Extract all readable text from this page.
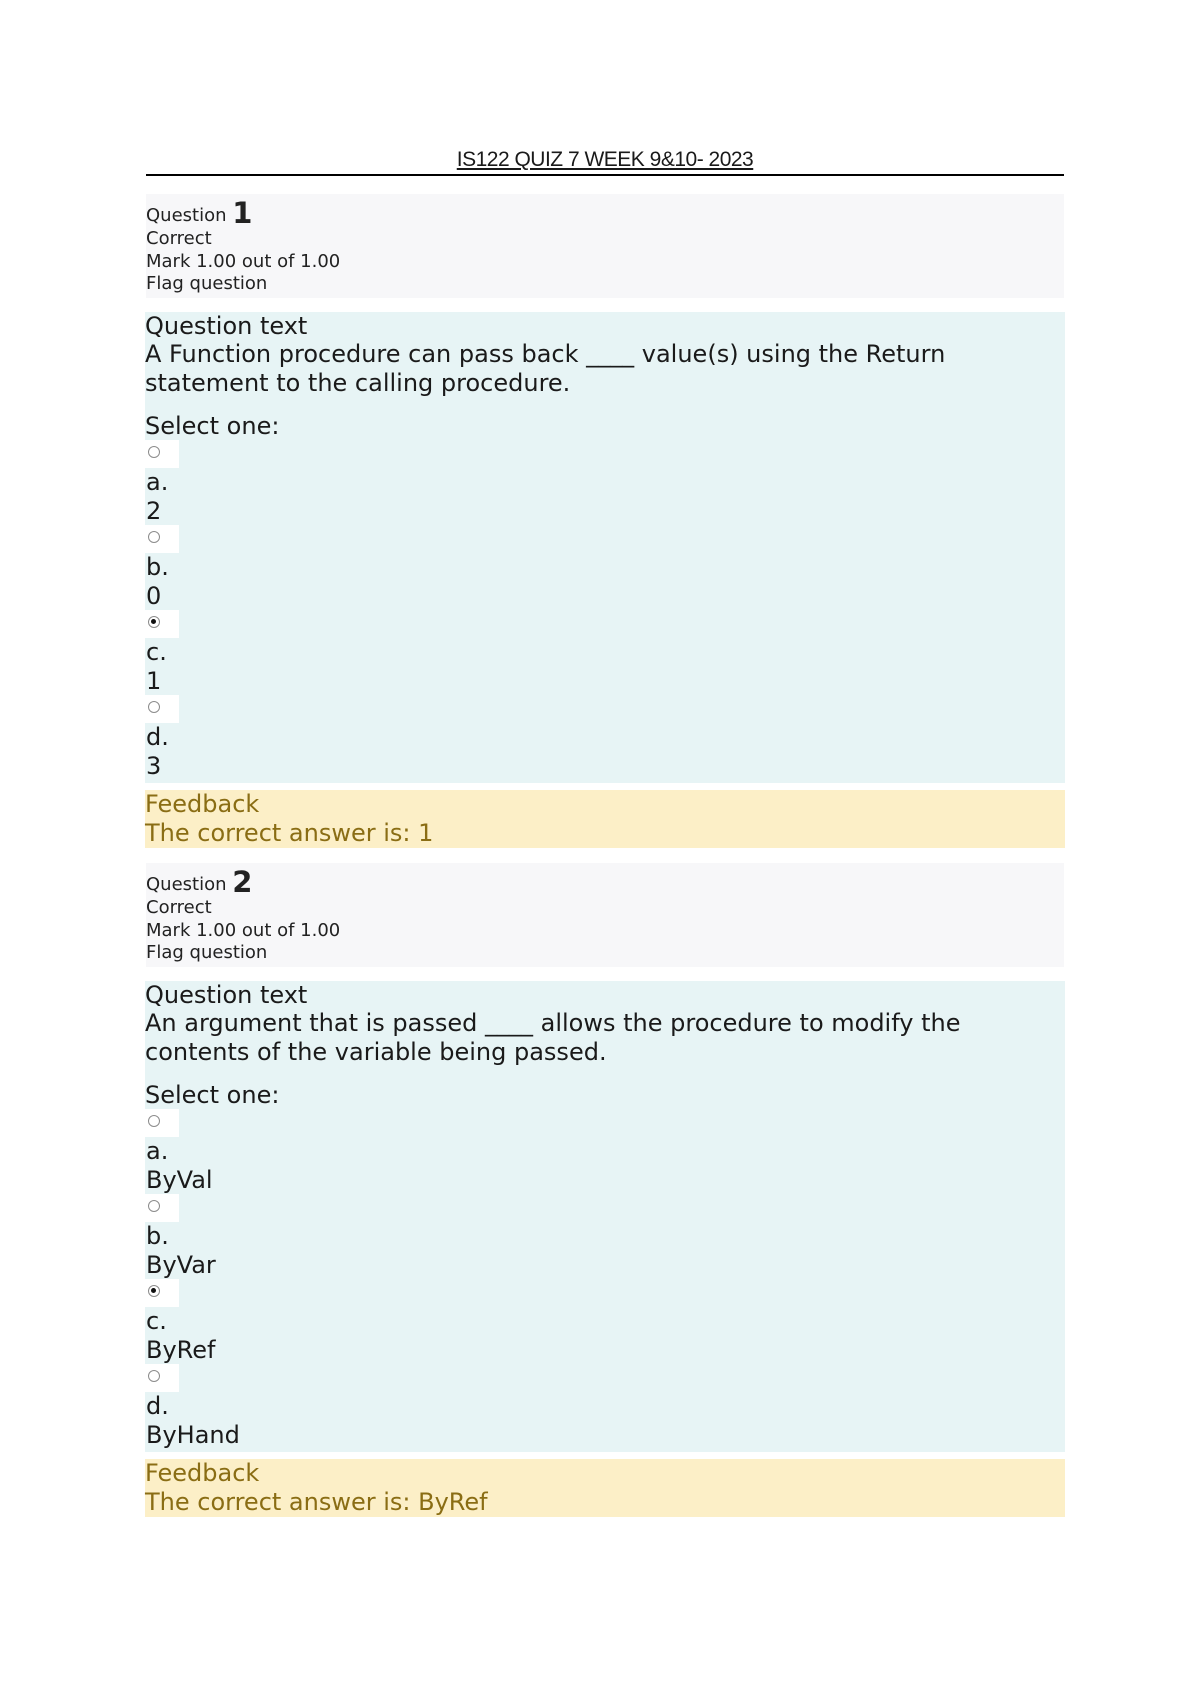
IS122 QUIZ 7 WEEK 9&10- 2023
Question 1
Correct
Mark 1.00 out of 1.00
Flag question
Question text
A Function procedure can pass back ____ value(s) using the Return statement to the calling procedure.
Select one:
a.
2
b.
0
c.
1
d.
3
Feedback
The correct answer is: 1
Question 2
Correct
Mark 1.00 out of 1.00
Flag question
Question text
An argument that is passed ____ allows the procedure to modify the contents of the variable being passed.
Select one:
a.
ByVal
b.
ByVar
c.
ByRef
d.
ByHand
Feedback
The correct answer is: ByRef
